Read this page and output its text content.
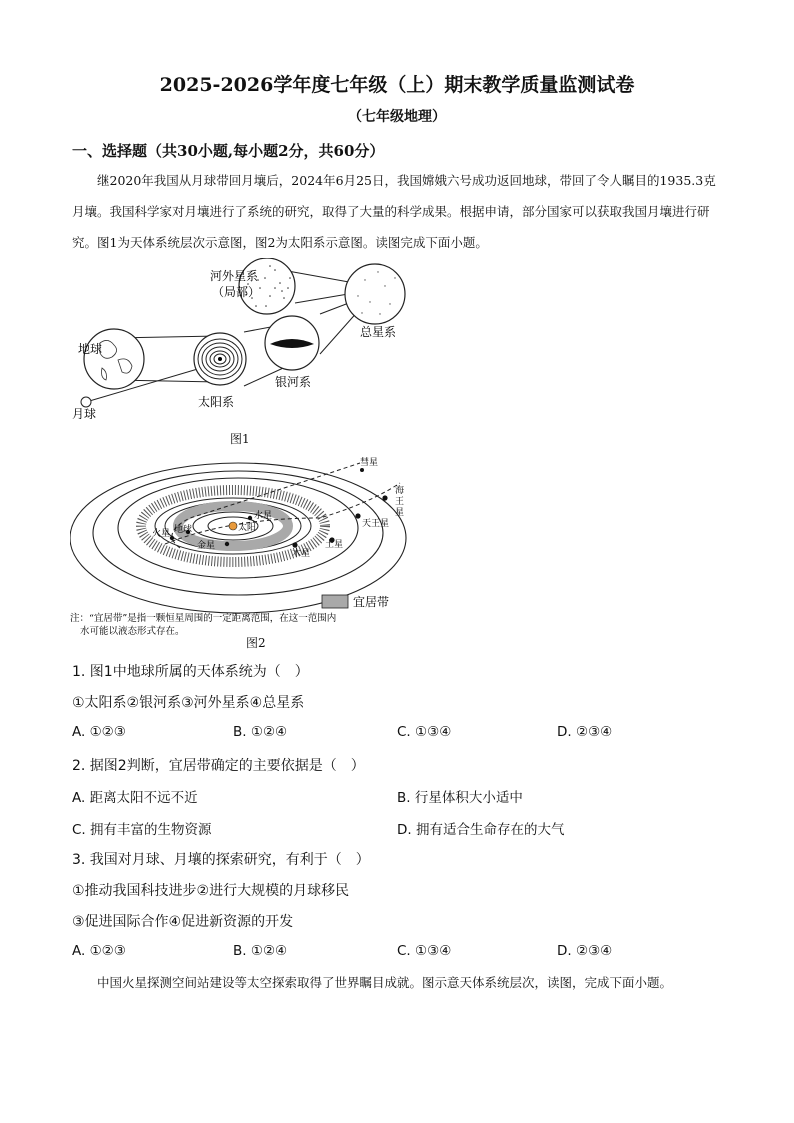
2025-2026学年度七年级（上）期末教学质量监测试卷
（七年级地理）
一、选择题（共30小题,每小题2分，共60分）
继2020年我国从月球带回月壤后，2024年6月25日，我国嫦娥六号成功返回地球，带回了令人瞩目的1935.3克月壤。我国科学家对月壤进行了系统的研究，取得了大量的科学成果。根据申请，部分国家可以获取我国月壤进行研究。图1为天体系统层次示意图，图2为太阳系示意图。读图完成下面小题。
河外星系
（局部）
总星系
地球
月球
太阳系
银河系
图1
彗星
海
王
星
天王星
土星
木星
火星 地球
金星
水星
太阳
宜居带
注：“宜居带”是指一颗恒星周围的一定距离范围，在这一范围内
水可能以液态形式存在。
图2
1. 图1中地球所属的天体系统为（　）
①太阳系②银河系③河外星系④总星系
A. ①②③	B. ①②④	C. ①③④	D. ②③④
2. 据图2判断，宜居带确定的主要依据是（　）
A. 距离太阳不远不近	B. 行星体积大小适中
C. 拥有丰富的生物资源	D. 拥有适合生命存在的大气
3. 我国对月球、月壤的探索研究，有利于（　）
①推动我国科技进步②进行大规模的月球移民
③促进国际合作④促进新资源的开发
A. ①②③	B. ①②④	C. ①③④	D. ②③④
中国火星探测空间站建设等太空探索取得了世界瞩目成就。图示意天体系统层次，读图，完成下面小题。
